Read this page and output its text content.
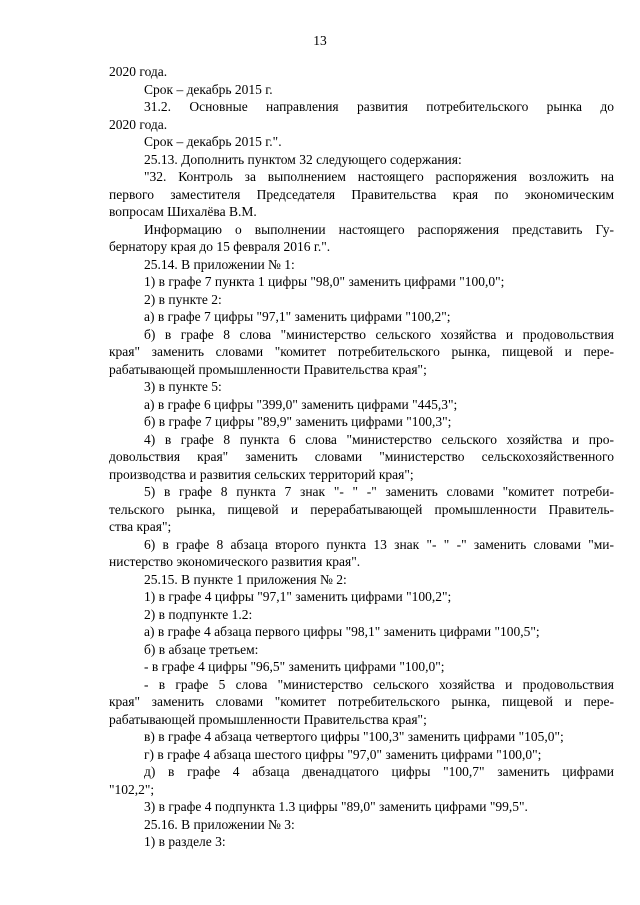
13
2020 года.
Срок – декабрь 2015 г.
31.2. Основные направления развития потребительского рынка до
2020 года.
Срок – декабрь 2015 г.".
25.13. Дополнить пунктом 32 следующего содержания:
"32. Контроль за выполнением настоящего распоряжения возложить на
первого заместителя Председателя Правительства края по экономическим
вопросам Шихалёва В.М.
Информацию о выполнении настоящего распоряжения представить Гу-
бернатору края до 15 февраля 2016 г.".
25.14. В приложении № 1:
1) в графе 7 пункта 1 цифры "98,0" заменить цифрами "100,0";
2) в пункте 2:
а) в графе 7 цифры "97,1" заменить цифрами "100,2";
б) в графе 8 слова "министерство сельского хозяйства и продовольствия
края" заменить словами "комитет потребительского рынка, пищевой и пере-
рабатывающей промышленности Правительства края";
3) в пункте 5:
а) в графе 6 цифры "399,0" заменить цифрами "445,3";
б) в графе 7 цифры "89,9" заменить цифрами "100,3";
4) в графе 8 пункта 6 слова "министерство сельского хозяйства и про-
довольствия края" заменить словами "министерство сельскохозяйственного
производства и развития сельских территорий края";
5) в графе 8 пункта 7 знак "- " -" заменить словами "комитет потреби-
тельского рынка, пищевой и перерабатывающей промышленности Правитель-
ства края";
6) в графе 8 абзаца второго пункта 13 знак "- " -" заменить словами "ми-
нистерство экономического развития края".
25.15. В пункте 1 приложения № 2:
1) в графе 4 цифры "97,1" заменить цифрами "100,2";
2) в подпункте 1.2:
а) в графе 4 абзаца первого цифры "98,1" заменить цифрами "100,5";
б) в абзаце третьем:
- в графе 4 цифры "96,5" заменить цифрами "100,0";
- в графе 5 слова "министерство сельского хозяйства и продовольствия
края" заменить словами "комитет потребительского рынка, пищевой и пере-
рабатывающей промышленности Правительства края";
в) в графе 4 абзаца четвертого цифры "100,3" заменить цифрами "105,0";
г) в графе 4 абзаца шестого цифры "97,0" заменить цифрами "100,0";
д) в графе 4 абзаца двенадцатого цифры "100,7" заменить цифрами
"102,2";
3) в графе 4 подпункта 1.3 цифры "89,0" заменить цифрами "99,5".
25.16. В приложении № 3:
1) в разделе 3:
